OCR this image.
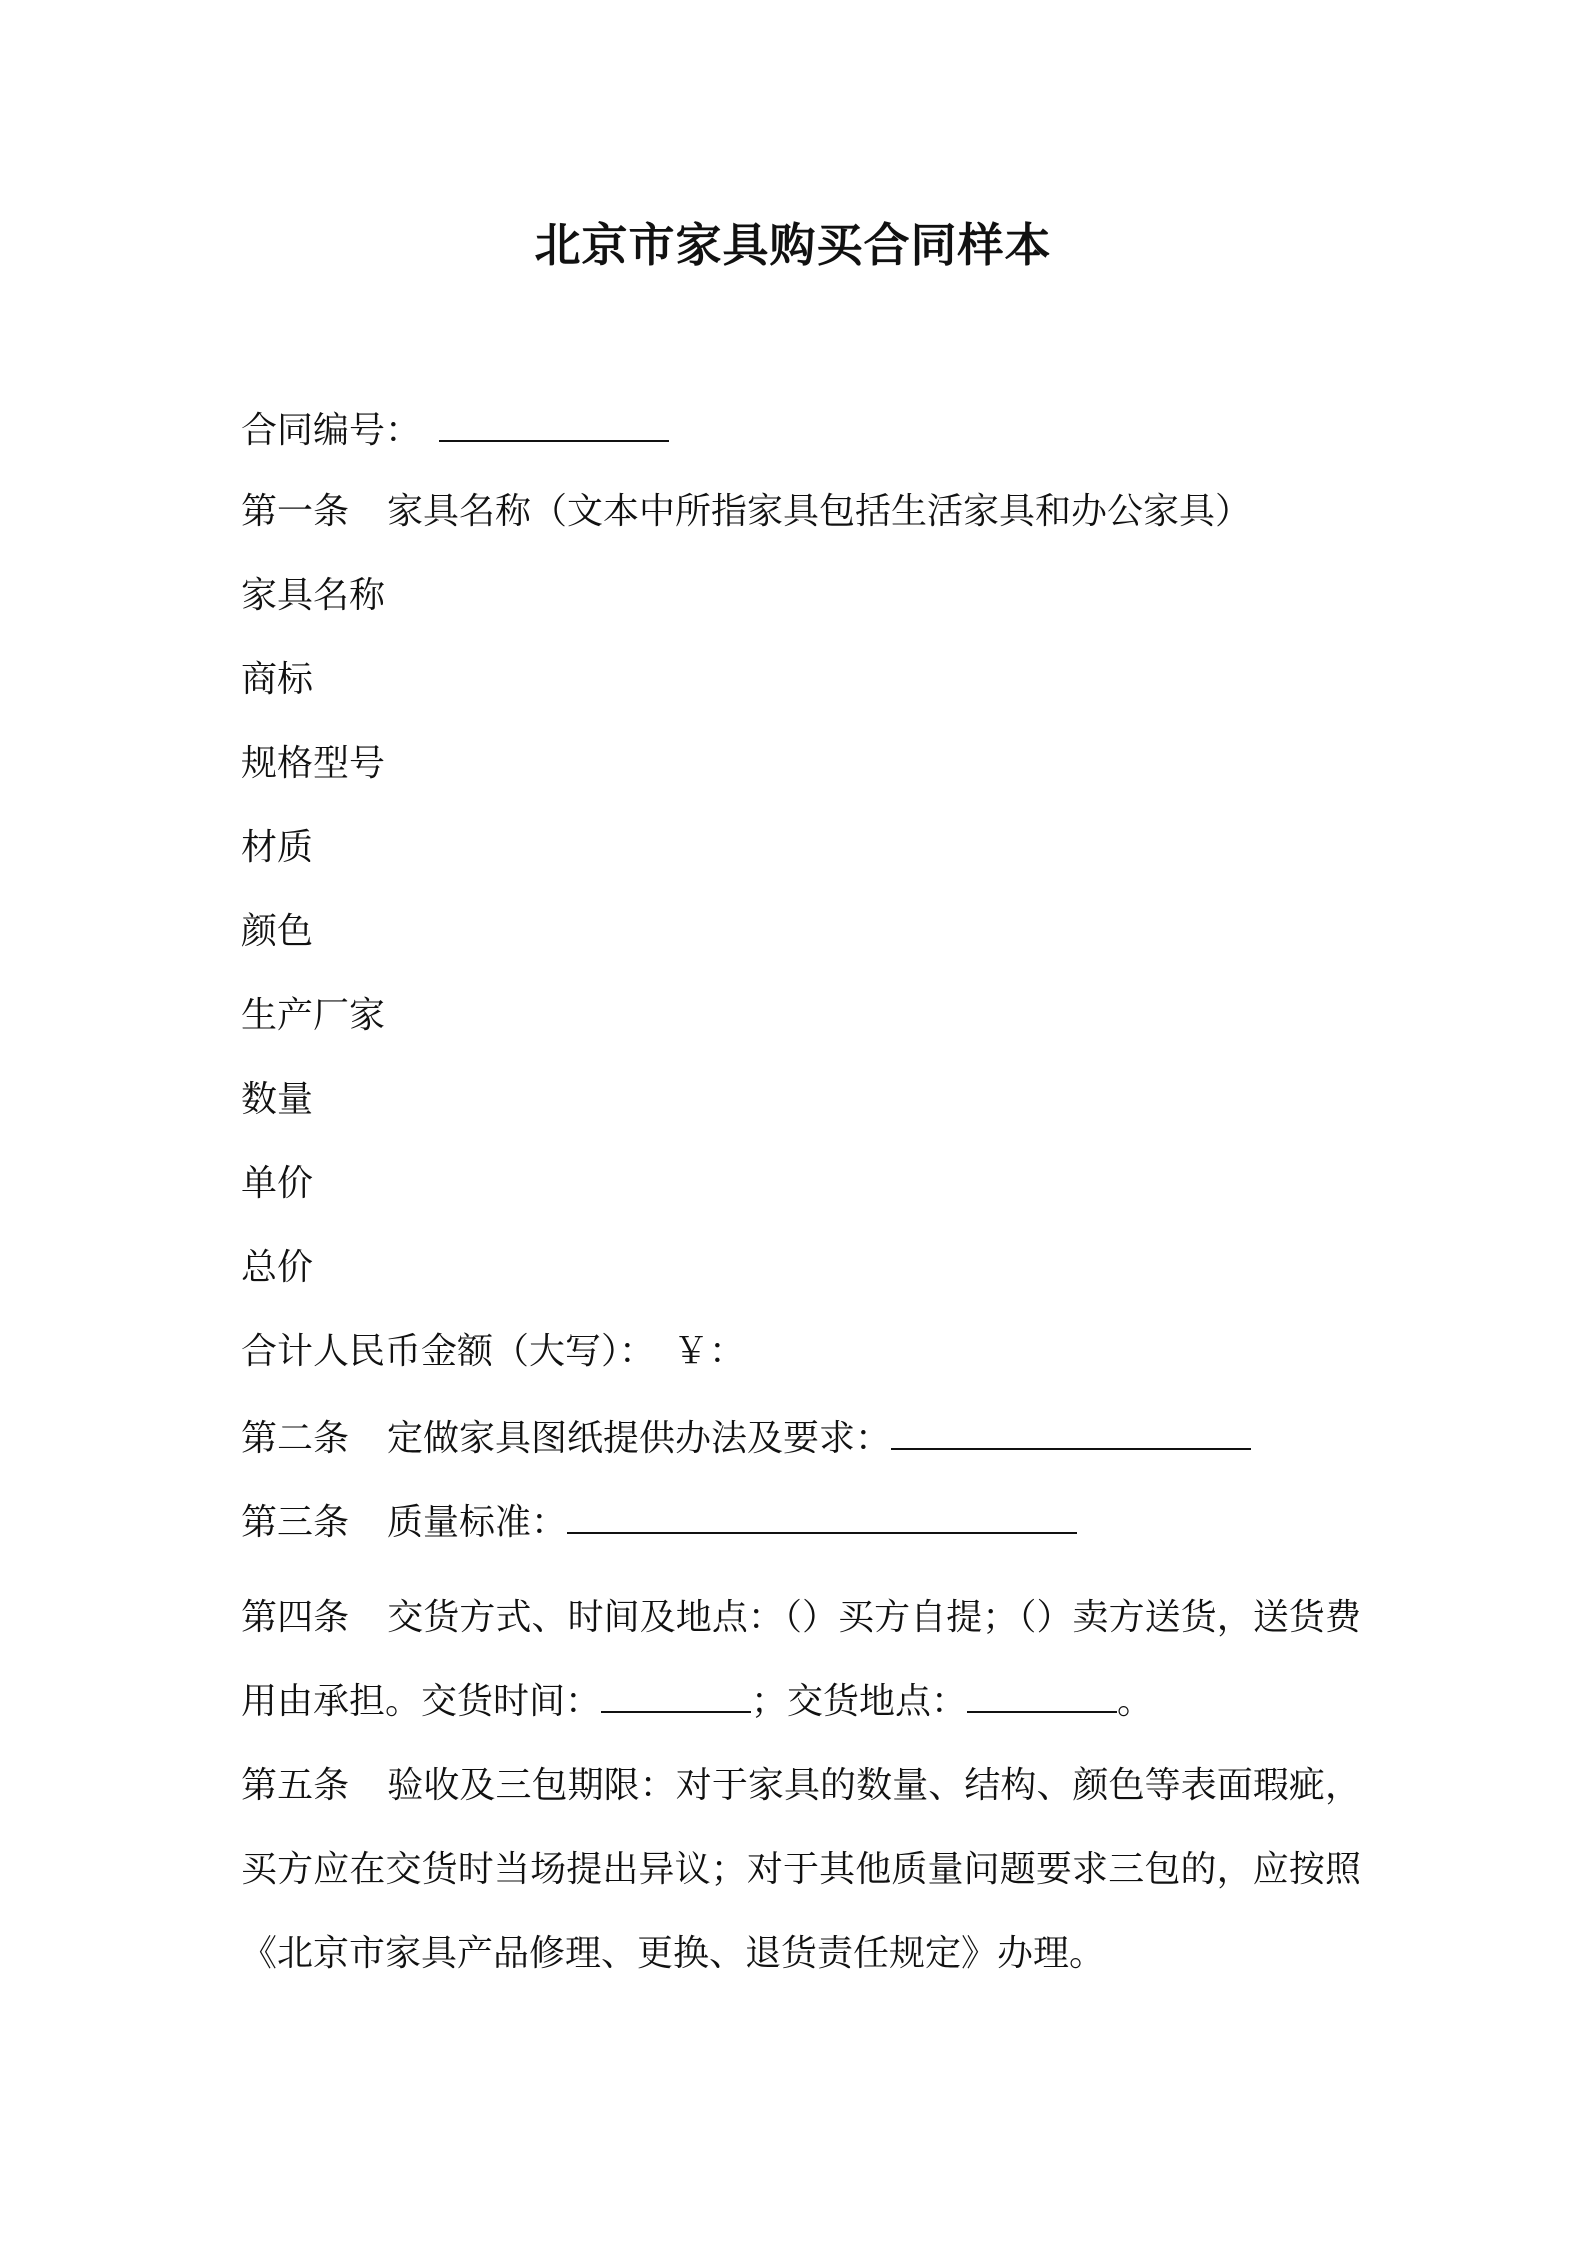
北京市家具购买合同样本
合同编号：
第一条 家具名称（文本中所指家具包括生活家具和办公家具）
家具名称
商标
规格型号
材质
颜色
生产厂家
数量
单价
总价
合计人民币金额（大写）： ￥：
第二条 定做家具图纸提供办法及要求：
第三条 质量标准：

第四条 交货方式、时间及地点：（）买方自提；（）卖方送货，送货费用由承担。交货时间：	；交货地点：	。

第五条 验收及三包期限：对于家具的数量、结构、颜色等表面瑕疵，买方应在交货时当场提出异议；对于其他质量问题要求三包的，应按照《北京市家具产品修理、更换、退货责任规定》办理。
